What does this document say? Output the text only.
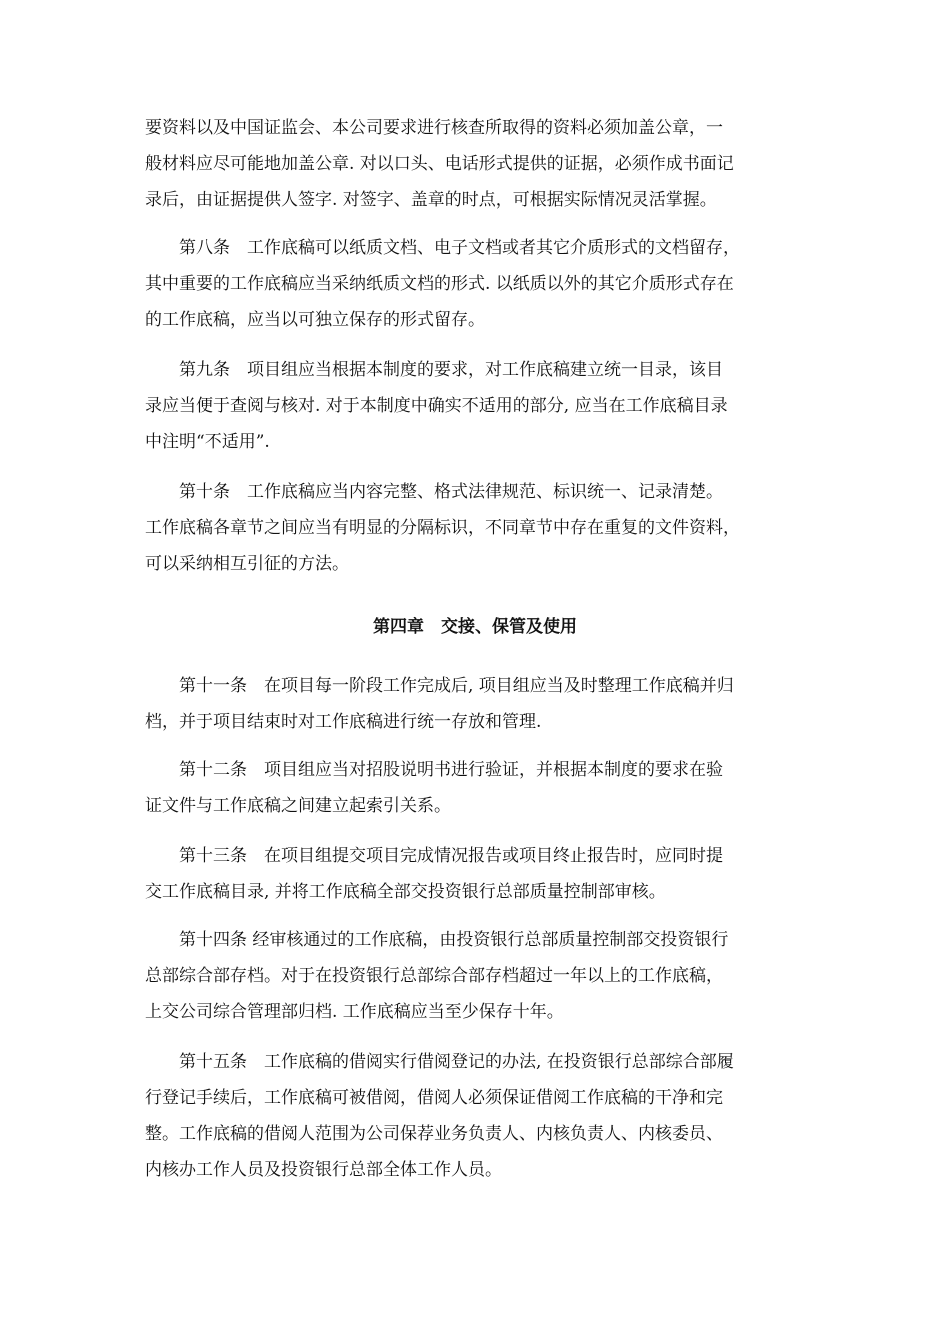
要资料以及中国证监会、本公司要求进行核查所取得的资料必须加盖公章，一
般材料应尽可能地加盖公章. 对以口头、电话形式提供的证据，必须作成书面记
录后，由证据提供人签字. 对签字、盖章的时点，可根据实际情况灵活掌握。
　　第八条　工作底稿可以纸质文档、电子文档或者其它介质形式的文档留存，
其中重要的工作底稿应当采纳纸质文档的形式. 以纸质以外的其它介质形式存在
的工作底稿，应当以可独立保存的形式留存。
　　第九条　项目组应当根据本制度的要求，对工作底稿建立统一目录，该目
录应当便于查阅与核对. 对于本制度中确实不适用的部分, 应当在工作底稿目录
中注明“不适用”.
　　第十条　工作底稿应当内容完整、格式法律规范、标识统一、记录清楚。
工作底稿各章节之间应当有明显的分隔标识，不同章节中存在重复的文件资料，
可以采纳相互引征的方法。
第四章　交接、保管及使用
　　第十一条　在项目每一阶段工作完成后, 项目组应当及时整理工作底稿并归
档，并于项目结束时对工作底稿进行统一存放和管理.
　　第十二条　项目组应当对招股说明书进行验证，并根据本制度的要求在验
证文件与工作底稿之间建立起索引关系。
　　第十三条　在项目组提交项目完成情况报告或项目终止报告时，应同时提
交工作底稿目录, 并将工作底稿全部交投资银行总部质量控制部审核。
　　第十四条 经审核通过的工作底稿，由投资银行总部质量控制部交投资银行
总部综合部存档。对于在投资银行总部综合部存档超过一年以上的工作底稿，
上交公司综合管理部归档. 工作底稿应当至少保存十年。
　　第十五条　工作底稿的借阅实行借阅登记的办法, 在投资银行总部综合部履
行登记手续后，工作底稿可被借阅，借阅人必须保证借阅工作底稿的干净和完
整。工作底稿的借阅人范围为公司保荐业务负责人、内核负责人、内核委员、
内核办工作人员及投资银行总部全体工作人员。
